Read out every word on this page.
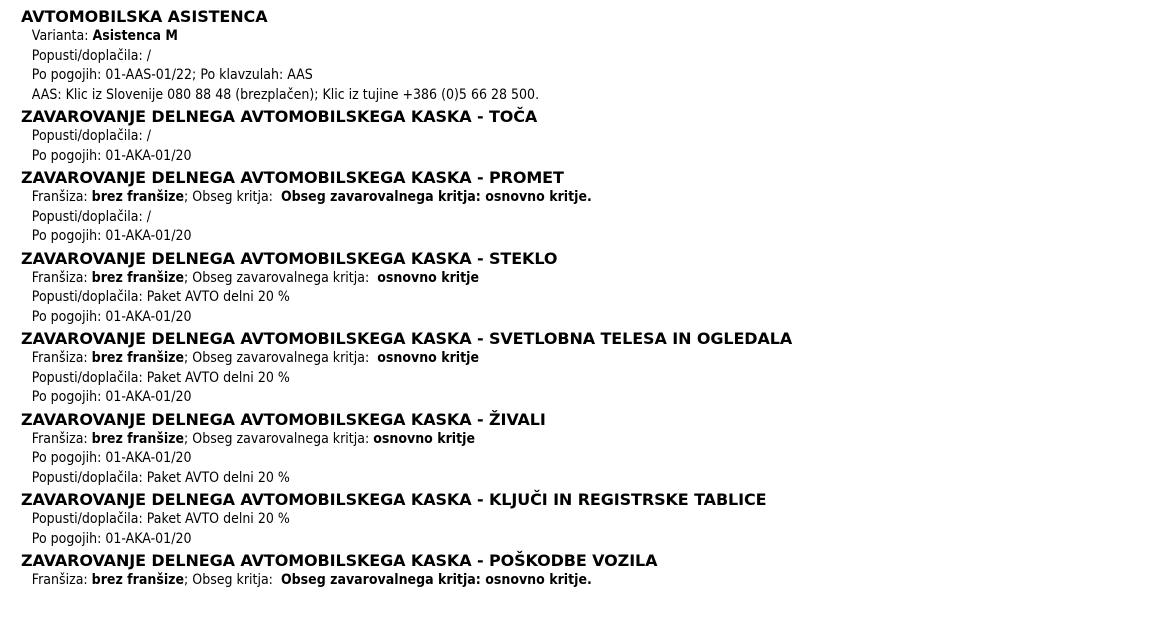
AVTOMOBILSKA ASISTENCA
Varianta: Asistenca M
Popusti/doplačila: /
Po pogojih: 01-AAS-01/22; Po klavzulah: AAS
AAS: Klic iz Slovenije 080 88 48 (brezplačen); Klic iz tujine +386 (0)5 66 28 500.
ZAVAROVANJE DELNEGA AVTOMOBILSKEGA KASKA - TOČA
Popusti/doplačila: /
Po pogojih: 01-AKA-01/20
ZAVAROVANJE DELNEGA AVTOMOBILSKEGA KASKA - PROMET
Franšiza: brez franšize; Obseg kritja:  Obseg zavarovalnega kritja: osnovno kritje.
Popusti/doplačila: /
Po pogojih: 01-AKA-01/20
ZAVAROVANJE DELNEGA AVTOMOBILSKEGA KASKA - STEKLO
Franšiza: brez franšize; Obseg zavarovalnega kritja:  osnovno kritje
Popusti/doplačila: Paket AVTO delni 20 %
Po pogojih: 01-AKA-01/20
ZAVAROVANJE DELNEGA AVTOMOBILSKEGA KASKA - SVETLOBNA TELESA IN OGLEDALA
Franšiza: brez franšize; Obseg zavarovalnega kritja:  osnovno kritje
Popusti/doplačila: Paket AVTO delni 20 %
Po pogojih: 01-AKA-01/20
ZAVAROVANJE DELNEGA AVTOMOBILSKEGA KASKA - ŽIVALI
Franšiza: brez franšize; Obseg zavarovalnega kritja: osnovno kritje
Po pogojih: 01-AKA-01/20
Popusti/doplačila: Paket AVTO delni 20 %
ZAVAROVANJE DELNEGA AVTOMOBILSKEGA KASKA - KLJUČI IN REGISTRSKE TABLICE
Popusti/doplačila: Paket AVTO delni 20 %
Po pogojih: 01-AKA-01/20
ZAVAROVANJE DELNEGA AVTOMOBILSKEGA KASKA - POŠKODBE VOZILA
Franšiza: brez franšize; Obseg kritja:  Obseg zavarovalnega kritja: osnovno kritje.
